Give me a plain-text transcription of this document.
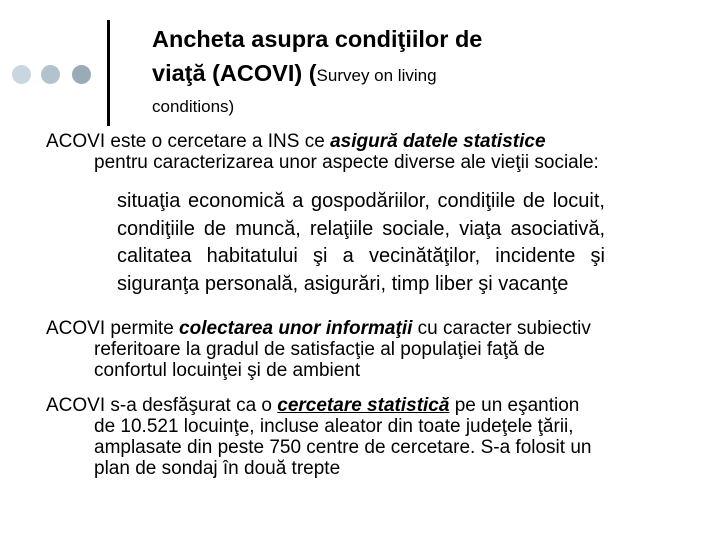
Ancheta asupra condiţiilor de
viaţă (ACOVI) (Survey on living
conditions)

ACOVI este o cercetare a INS ce asigură datele statistice
pentru caracterizarea unor aspecte diverse ale vieţii sociale:

situaţia economică a gospodăriilor, condiţiile de locuit, condiţiile de muncă, relaţiile sociale, viaţa asociativă, calitatea habitatului şi a vecinătăţilor, incidente şi siguranţa personală, asigurări, timp liber şi vacanţe

ACOVI permite colectarea unor informaţii cu caracter subiectiv
referitoare la gradul de satisfacţie al populaţiei faţă de
confortul locuinţei şi de ambient

ACOVI s-a desfăşurat ca o cercetare statistică pe un eşantion
de 10.521 locuinţe, incluse aleator din toate judeţele ţării,
amplasate din peste 750 centre de cercetare. S-a folosit un
plan de sondaj în două trepte
